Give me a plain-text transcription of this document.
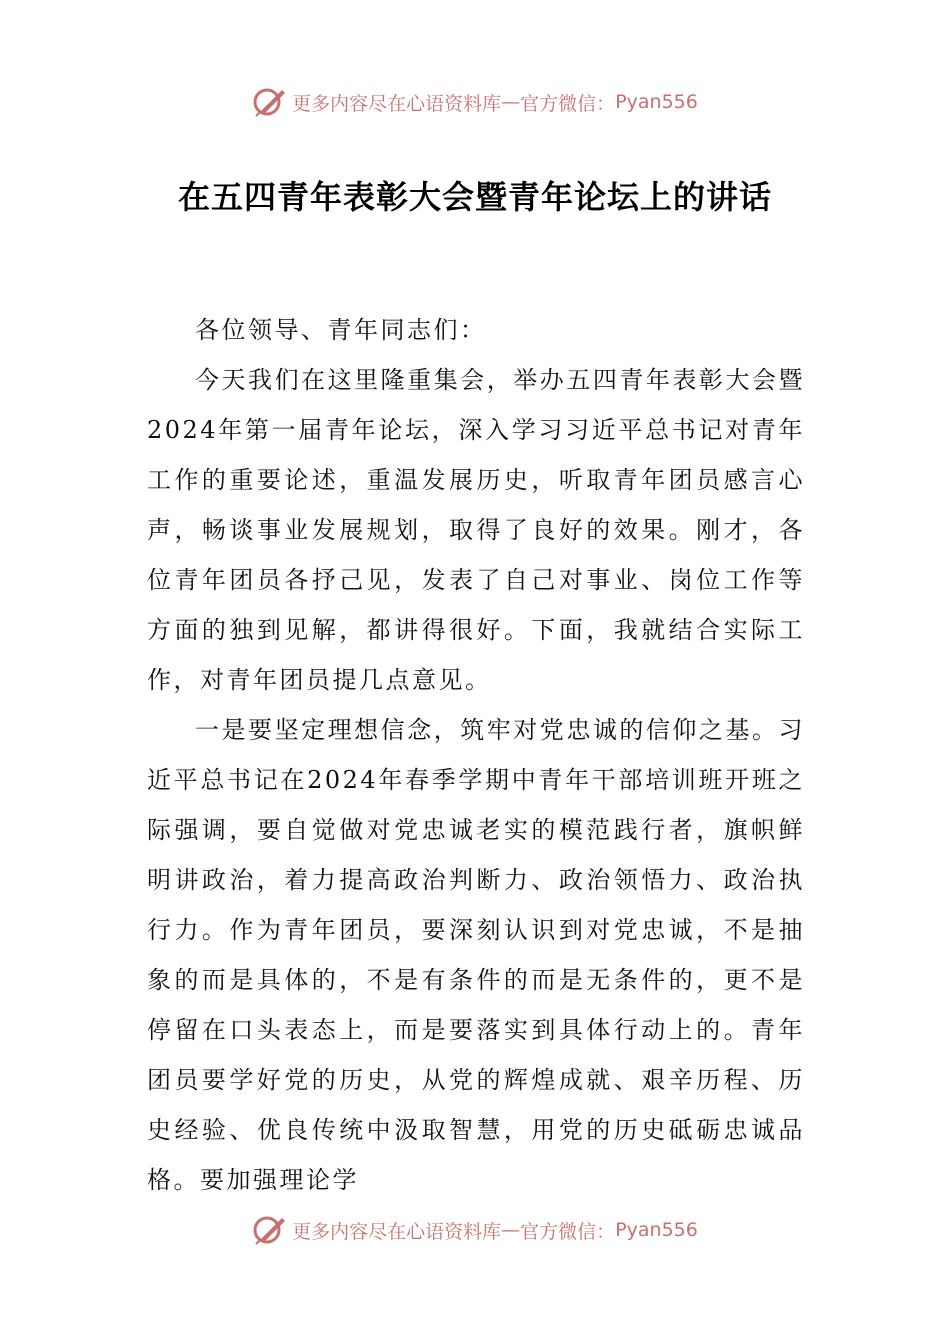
更多内容尽在心语资料库 — 官方微信： Pyan556
在五四青年表彰大会暨青年论坛上的讲话

各位领导、青年同志们：

今天我们在这里隆重集会，举办五四青年表彰大会暨2024年第一届青年论坛，深入学习习近平总书记对青年工作的重要论述，重温发展历史，听取青年团员感言心声，畅谈事业发展规划，取得了良好的效果。刚才，各位青年团员各抒己见，发表了自己对事业、岗位工作等方面的独到见解，都讲得很好。下面，我就结合实际工作，对青年团员提几点意见。

一是要坚定理想信念，筑牢对党忠诚的信仰之基。习近平总书记在2024年春季学期中青年干部培训班开班之际强调，要自觉做对党忠诚老实的模范践行者，旗帜鲜明讲政治，着力提高政治判断力、政治领悟力、政治执行力。作为青年团员，要深刻认识到对党忠诚，不是抽象的而是具体的，不是有条件的而是无条件的，更不是停留在口头表态上，而是要落实到具体行动上的。青年团员要学好党的历史，从党的辉煌成就、艰辛历程、历史经验、优良传统中汲取智慧，用党的历史砥砺忠诚品格。要加强理论学

更多内容尽在心语资料库 — 官方微信： Pyan556
